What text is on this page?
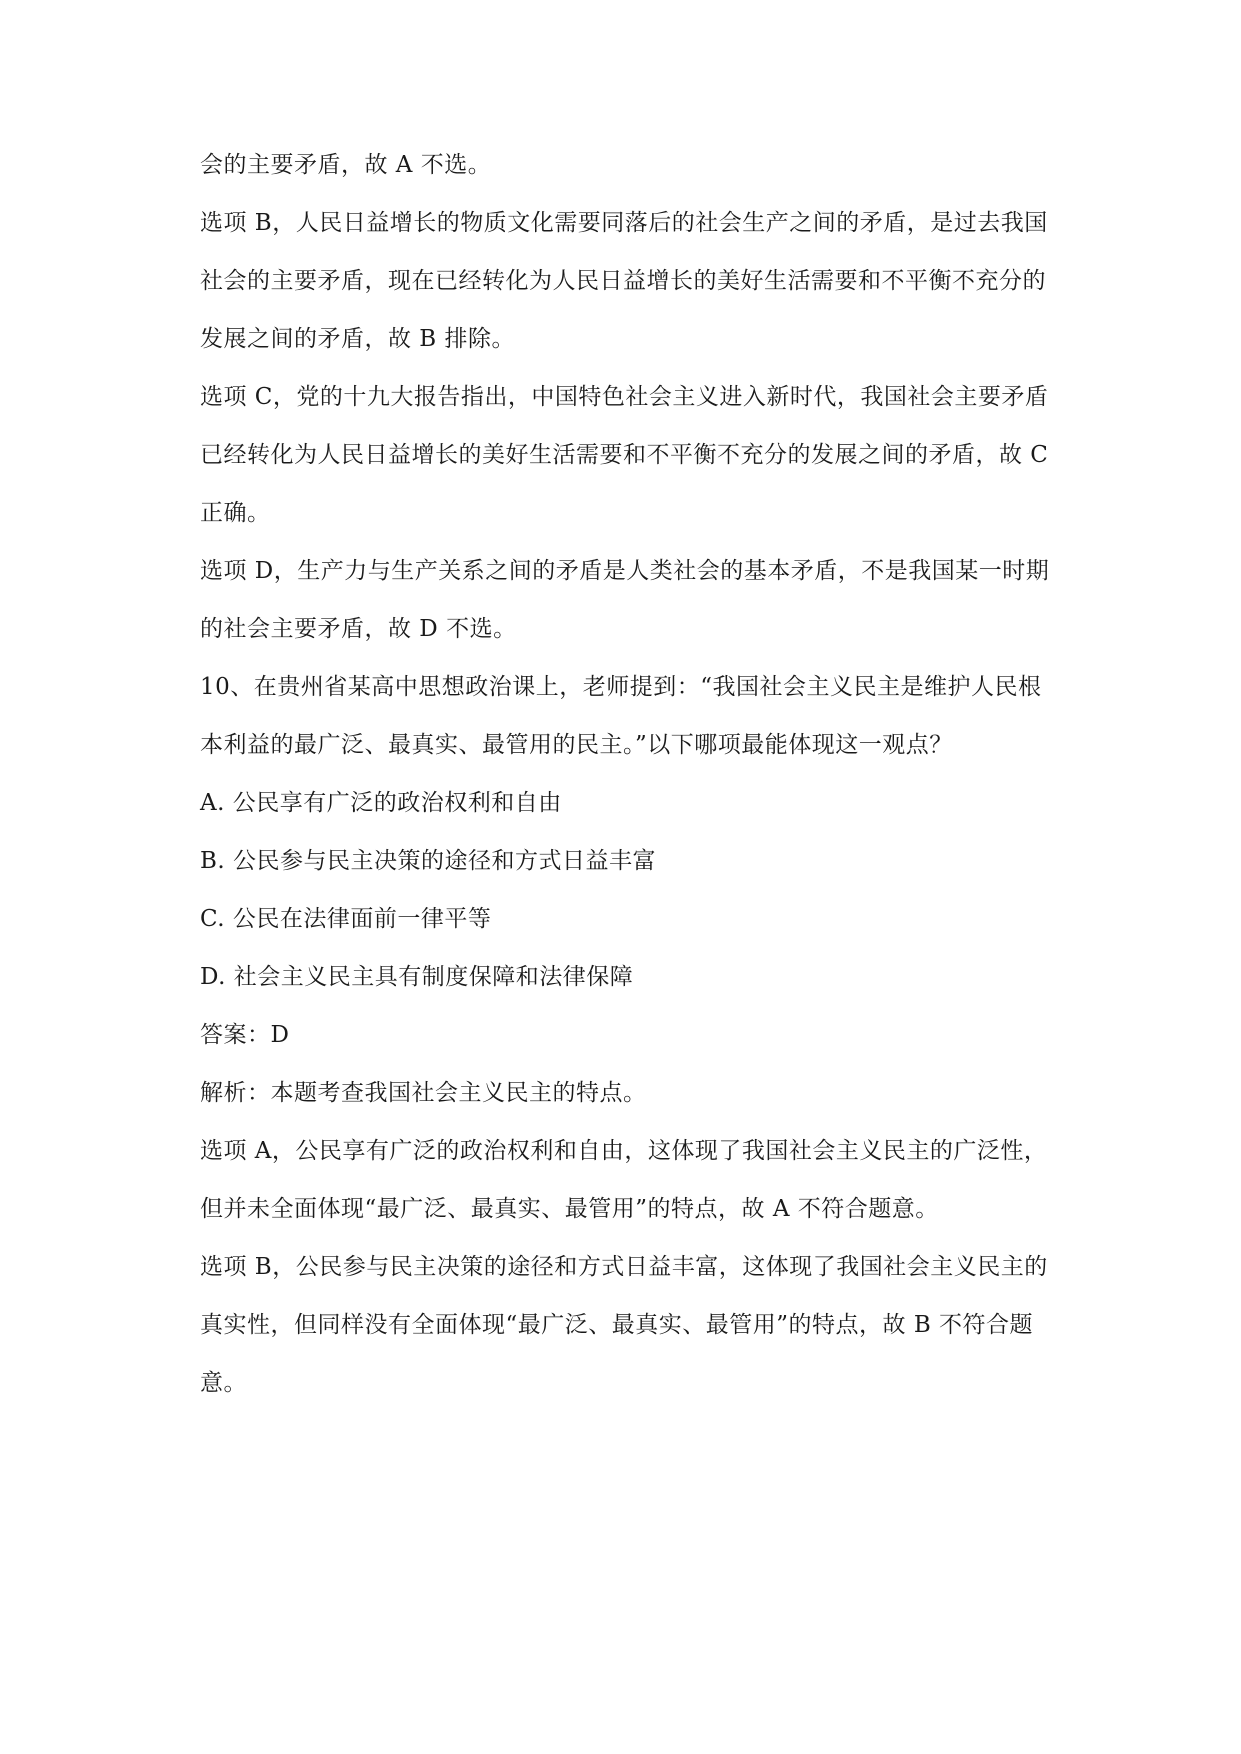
会的主要矛盾，故 A 不选。
选项 B，人民日益增长的物质文化需要同落后的社会生产之间的矛盾，是过去我国
社会的主要矛盾，现在已经转化为人民日益增长的美好生活需要和不平衡不充分的
发展之间的矛盾，故 B 排除。
选项 C，党的十九大报告指出，中国特色社会主义进入新时代，我国社会主要矛盾
已经转化为人民日益增长的美好生活需要和不平衡不充分的发展之间的矛盾，故 C
正确。
选项 D，生产力与生产关系之间的矛盾是人类社会的基本矛盾，不是我国某一时期
的社会主要矛盾，故 D 不选。
10、在贵州省某高中思想政治课上，老师提到：“我国社会主义民主是维护人民根
本利益的最广泛、最真实、最管用的民主。”以下哪项最能体现这一观点？
A. 公民享有广泛的政治权利和自由
B. 公民参与民主决策的途径和方式日益丰富
C. 公民在法律面前一律平等
D. 社会主义民主具有制度保障和法律保障
答案：D
解析：本题考查我国社会主义民主的特点。
选项 A，公民享有广泛的政治权利和自由，这体现了我国社会主义民主的广泛性，
但并未全面体现“最广泛、最真实、最管用”的特点，故 A 不符合题意。
选项 B，公民参与民主决策的途径和方式日益丰富，这体现了我国社会主义民主的
真实性，但同样没有全面体现“最广泛、最真实、最管用”的特点，故 B 不符合题
意。
